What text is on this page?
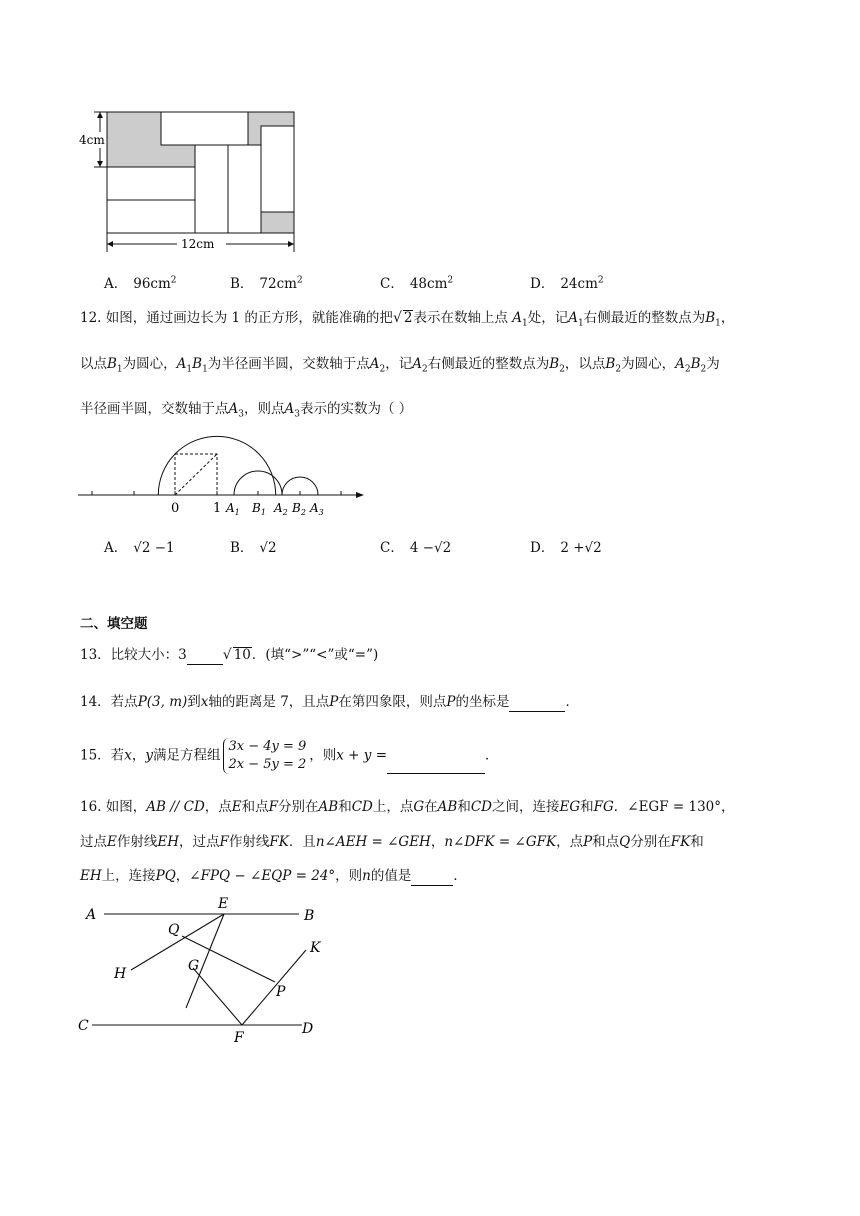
4cm
12cm
A． $96cm^2$	B． $72cm^2$	C． $48cm^2$	D． $24cm^2$
12. 如图，通过画边长为 1 的正方形，就能准确的把√ 2表示在数轴上点 $A_1$处，记$A_1$右侧最近的整数点为$B_1$，
以点$B_1$为圆心，$A_1B_1$为半径画半圆，交数轴于点$A_2$，记$A_2$右侧最近的整数点为$B_2$，以点$B_2$为圆心，$A_2B_2$为
半径画半圆，交数轴于点$A_3$，则点$A_3$表示的实数为（ ）
0	1 $A_1$ $B_1$ $A_2$ $B_2$ $A_3$
A． √2 −1	B． √2	C． 4 −√2	D． 2 +√2
二、填空题
13．比较大小：3	√ 10．(填“>”“<”或“=”)
14．若点P(3, m)到x轴的距离是 7，且点P在第四象限，则点P的坐标是	．
15．若x，y满足方程组3x − 4y = 9
2x − 5y = 2，则x + y =	．
16. 如图，AB // CD，点E和点F分别在AB和CD上，点G在AB和CD之间，连接EG和FG．∠EGF = 130°，
过点E作射线EH，过点F作射线FK．且n∠AEH = ∠GEH，n∠DFK = ∠GFK，点P和点Q分别在FK和
EH上，连接PQ，∠FPQ − ∠EQP = 24°，则n的值是	．
A
E
B
Q
K
G
H
P
C
F
D
